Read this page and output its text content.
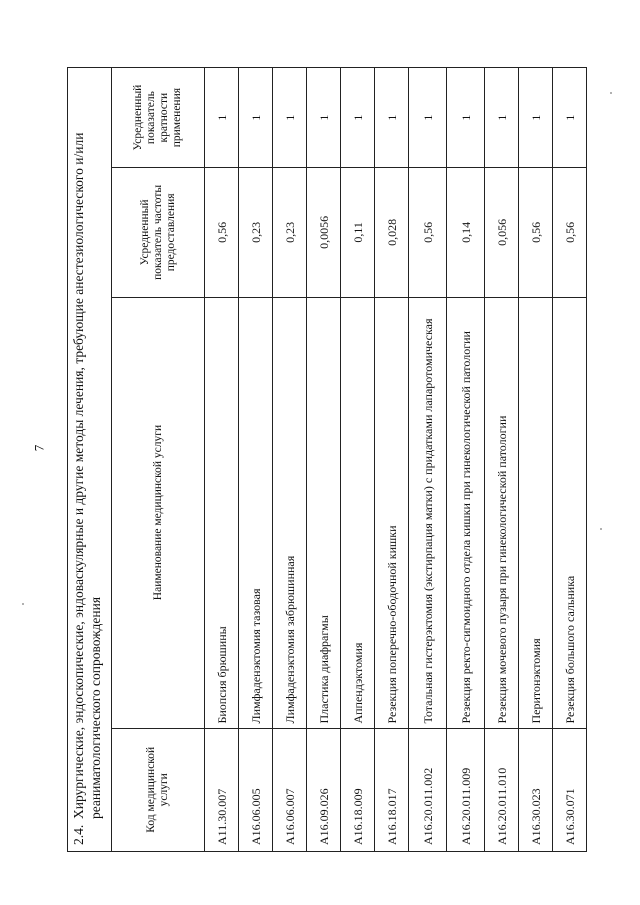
7
2.4.
Хирургические, эндоскопические, эндоваскулярные и другие методы лечения, требующие анестезиологического и/или реаниматологического сопровождения	Код медицинской услуги	Наименование медицинской услуги	Усредненный показатель частоты предоставления	Усредненный показатель кратности применения
A11.30.007	Биопсия брюшины	0,56	1
A16.06.005	Лимфаденэктомия тазовая	0,23	1
A16.06.007	Лимфаденэктомия забрюшинная	0,23	1
A16.09.026	Пластика диафрагмы	0,0056	1
A16.18.009	Аппендэктомия	0,11	1
A16.18.017	Резекция поперечно-ободочной кишки	0,028	1
A16.20.011.002	Тотальная гистерэктомия (экстирпация матки) с придатками лапаротомическая	0,56	1
A16.20.011.009	Резекция ректо-сигмоидного отдела кишки при гинекологической патологии	0,14	1
A16.20.011.010	Резекция мочевого пузыря при гинекологической патологии	0,056	1
A16.30.023	Перитонэктомия	0,56	1
A16.30.071	Резекция большого сальника	0,56	1
